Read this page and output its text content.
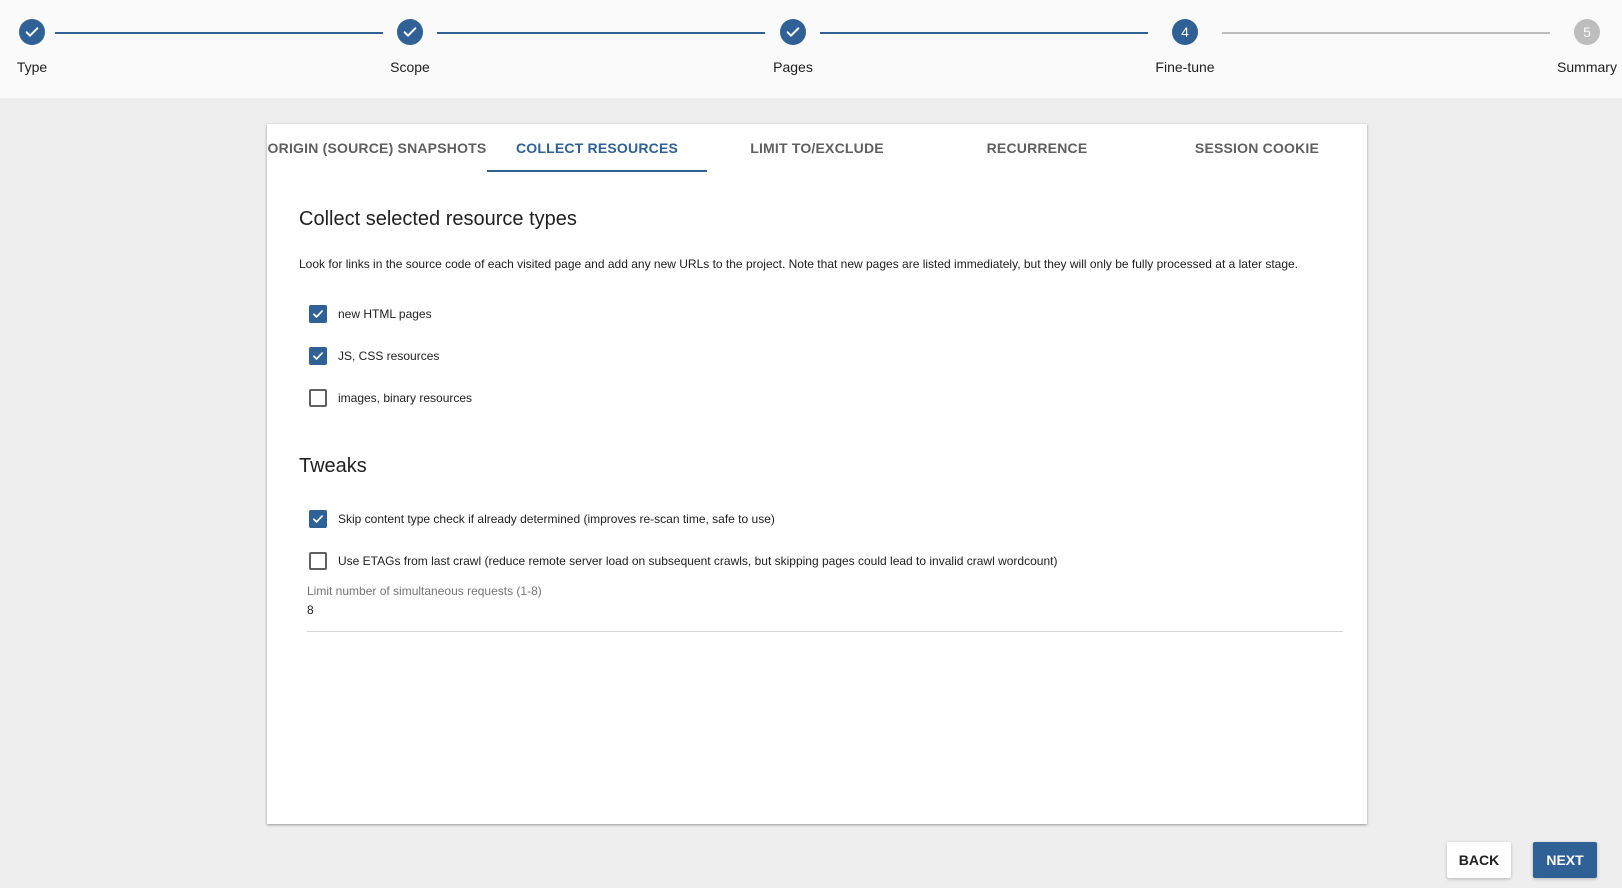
Type	Scope	Pages
4
Fine-tune
5
Summary
ORIGIN (SOURCE) SNAPSHOTS	COLLECT RESOURCES	LIMIT TO/EXCLUDE	RECURRENCE	SESSION COOKIE
Collect selected resource types
Look for links in the source code of each visited page and add any new URLs to the project. Note that new pages are listed immediately, but they will only be fully processed at a later stage.
new HTML pages
JS, CSS resources
images, binary resources
Tweaks
Skip content type check if already determined (improves re-scan time, safe to use)
Use ETAGs from last crawl (reduce remote server load on subsequent crawls, but skipping pages could lead to invalid crawl wordcount)
Limit number of simultaneous requests (1-8)
8
BACK	NEXT
